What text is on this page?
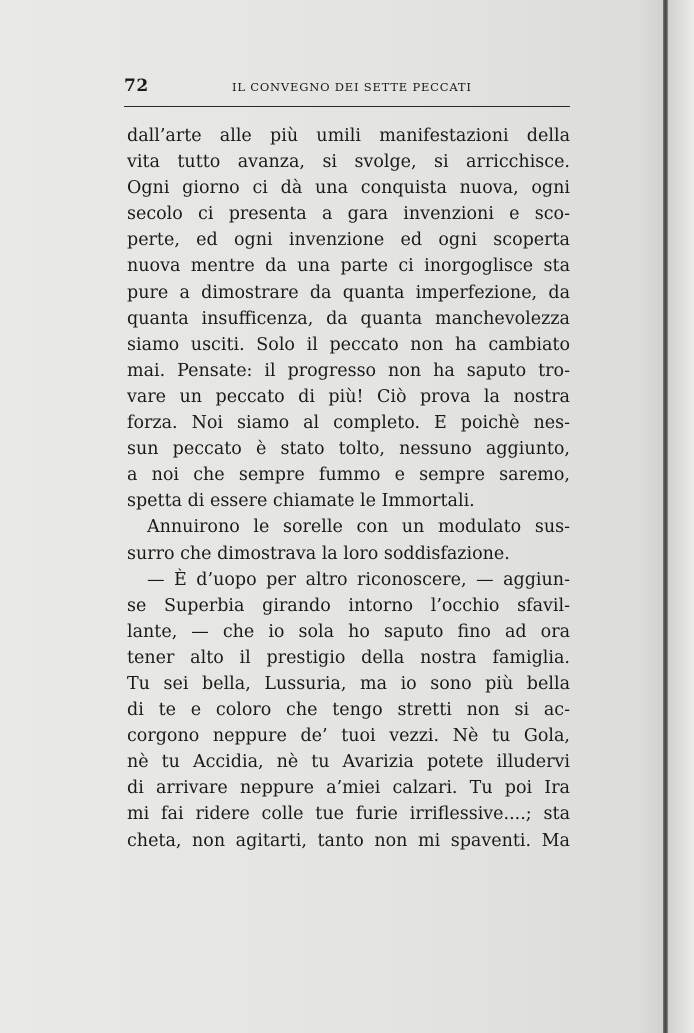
72	IL CONVEGNO DEI SETTE PECCATI
dall’arte alle più umili manifestazioni della
vita tutto avanza, si svolge, si arricchisce.
Ogni giorno ci dà una conquista nuova, ogni
secolo ci presenta a gara invenzioni e sco-
perte, ed ogni invenzione ed ogni scoperta
nuova mentre da una parte ci inorgoglisce sta
pure a dimostrare da quanta imperfezione, da
quanta insufficenza, da quanta manchevolezza
siamo usciti. Solo il peccato non ha cambiato
mai. Pensate: il progresso non ha saputo tro-
vare un peccato di più! Ciò prova la nostra
forza. Noi siamo al completo. E poichè nes-
sun peccato è stato tolto, nessuno aggiunto,
a noi che sempre fummo e sempre saremo,
spetta di essere chiamate le Immortali.
Annuirono le sorelle con un modulato sus-
surro che dimostrava la loro soddisfazione.
— È d’uopo per altro riconoscere, — aggiun-
se Superbia girando intorno l’occhio sfavil-
lante, — che io sola ho saputo fino ad ora
tener alto il prestigio della nostra famiglia.
Tu sei bella, Lussuria, ma io sono più bella
di te e coloro che tengo stretti non si ac-
corgono neppure de’ tuoi vezzi. Nè tu Gola,
nè tu Accidia, nè tu Avarizia potete illudervi
di arrivare neppure a’miei calzari. Tu poi Ira
mi fai ridere colle tue furie irriflessive....; sta
cheta, non agitarti, tanto non mi spaventi. Ma
